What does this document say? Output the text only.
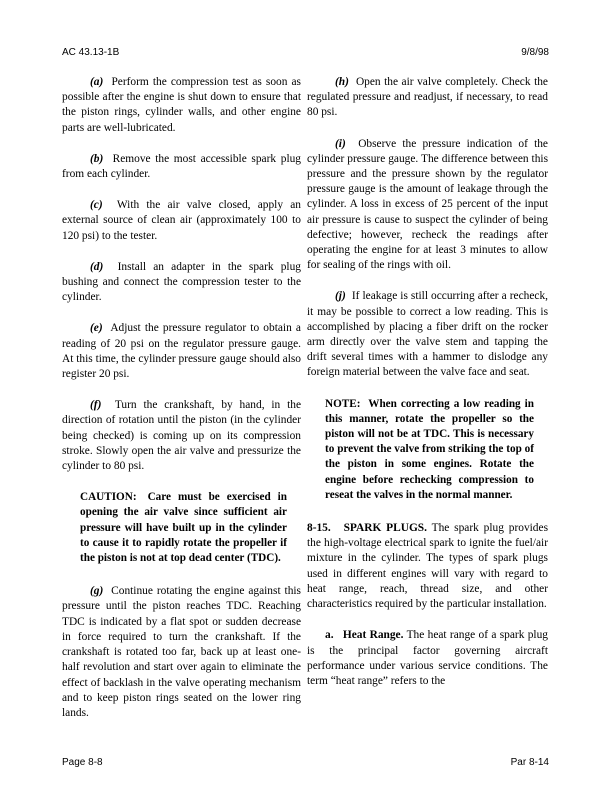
AC 43.13-1B	9/8/98

(a) Perform the compression test as soon as possible after the engine is shut down to ensure that the piston rings, cylinder walls, and other engine parts are well-lubricated.

(b) Remove the most accessible spark plug from each cylinder.

(c) With the air valve closed, apply an external source of clean air (approximately 100 to 120 psi) to the tester.

(d) Install an adapter in the spark plug bushing and connect the compression tester to the cylinder.

(e) Adjust the pressure regulator to obtain a reading of 20 psi on the regulator pressure gauge. At this time, the cylinder pressure gauge should also register 20 psi.

(f) Turn the crankshaft, by hand, in the direction of rotation until the piston (in the cylinder being checked) is coming up on its compression stroke. Slowly open the air valve and pressurize the cylinder to 80 psi.

CAUTION: Care must be exercised in opening the air valve since sufficient air pressure will have built up in the cylinder to cause it to rapidly rotate the propeller if the piston is not at top dead center (TDC).

(g) Continue rotating the engine against this pressure until the piston reaches TDC. Reaching TDC is indicated by a flat spot or sudden decrease in force required to turn the crankshaft. If the crankshaft is rotated too far, back up at least one-half revolution and start over again to eliminate the effect of backlash in the valve operating mechanism and to keep piston rings seated on the lower ring lands.

(h) Open the air valve completely. Check the regulated pressure and readjust, if necessary, to read 80 psi.

(i) Observe the pressure indication of the cylinder pressure gauge. The difference between this pressure and the pressure shown by the regulator pressure gauge is the amount of leakage through the cylinder. A loss in excess of 25 percent of the input air pressure is cause to suspect the cylinder of being defective; however, recheck the readings after operating the engine for at least 3 minutes to allow for sealing of the rings with oil.

(j) If leakage is still occurring after a recheck, it may be possible to correct a low reading. This is accomplished by placing a fiber drift on the rocker arm directly over the valve stem and tapping the drift several times with a hammer to dislodge any foreign material between the valve face and seat.

NOTE: When correcting a low reading in this manner, rotate the propeller so the piston will not be at TDC. This is necessary to prevent the valve from striking the top of the piston in some engines. Rotate the engine before rechecking compression to reseat the valves in the normal manner.

8-15. SPARK PLUGS. The spark plug provides the high-voltage electrical spark to ignite the fuel/air mixture in the cylinder. The types of spark plugs used in different engines will vary with regard to heat range, reach, thread size, and other characteristics required by the particular installation.

a. Heat Range. The heat range of a spark plug is the principal factor governing aircraft performance under various service conditions. The term “heat range” refers to the

Page 8-8	Par 8-14
